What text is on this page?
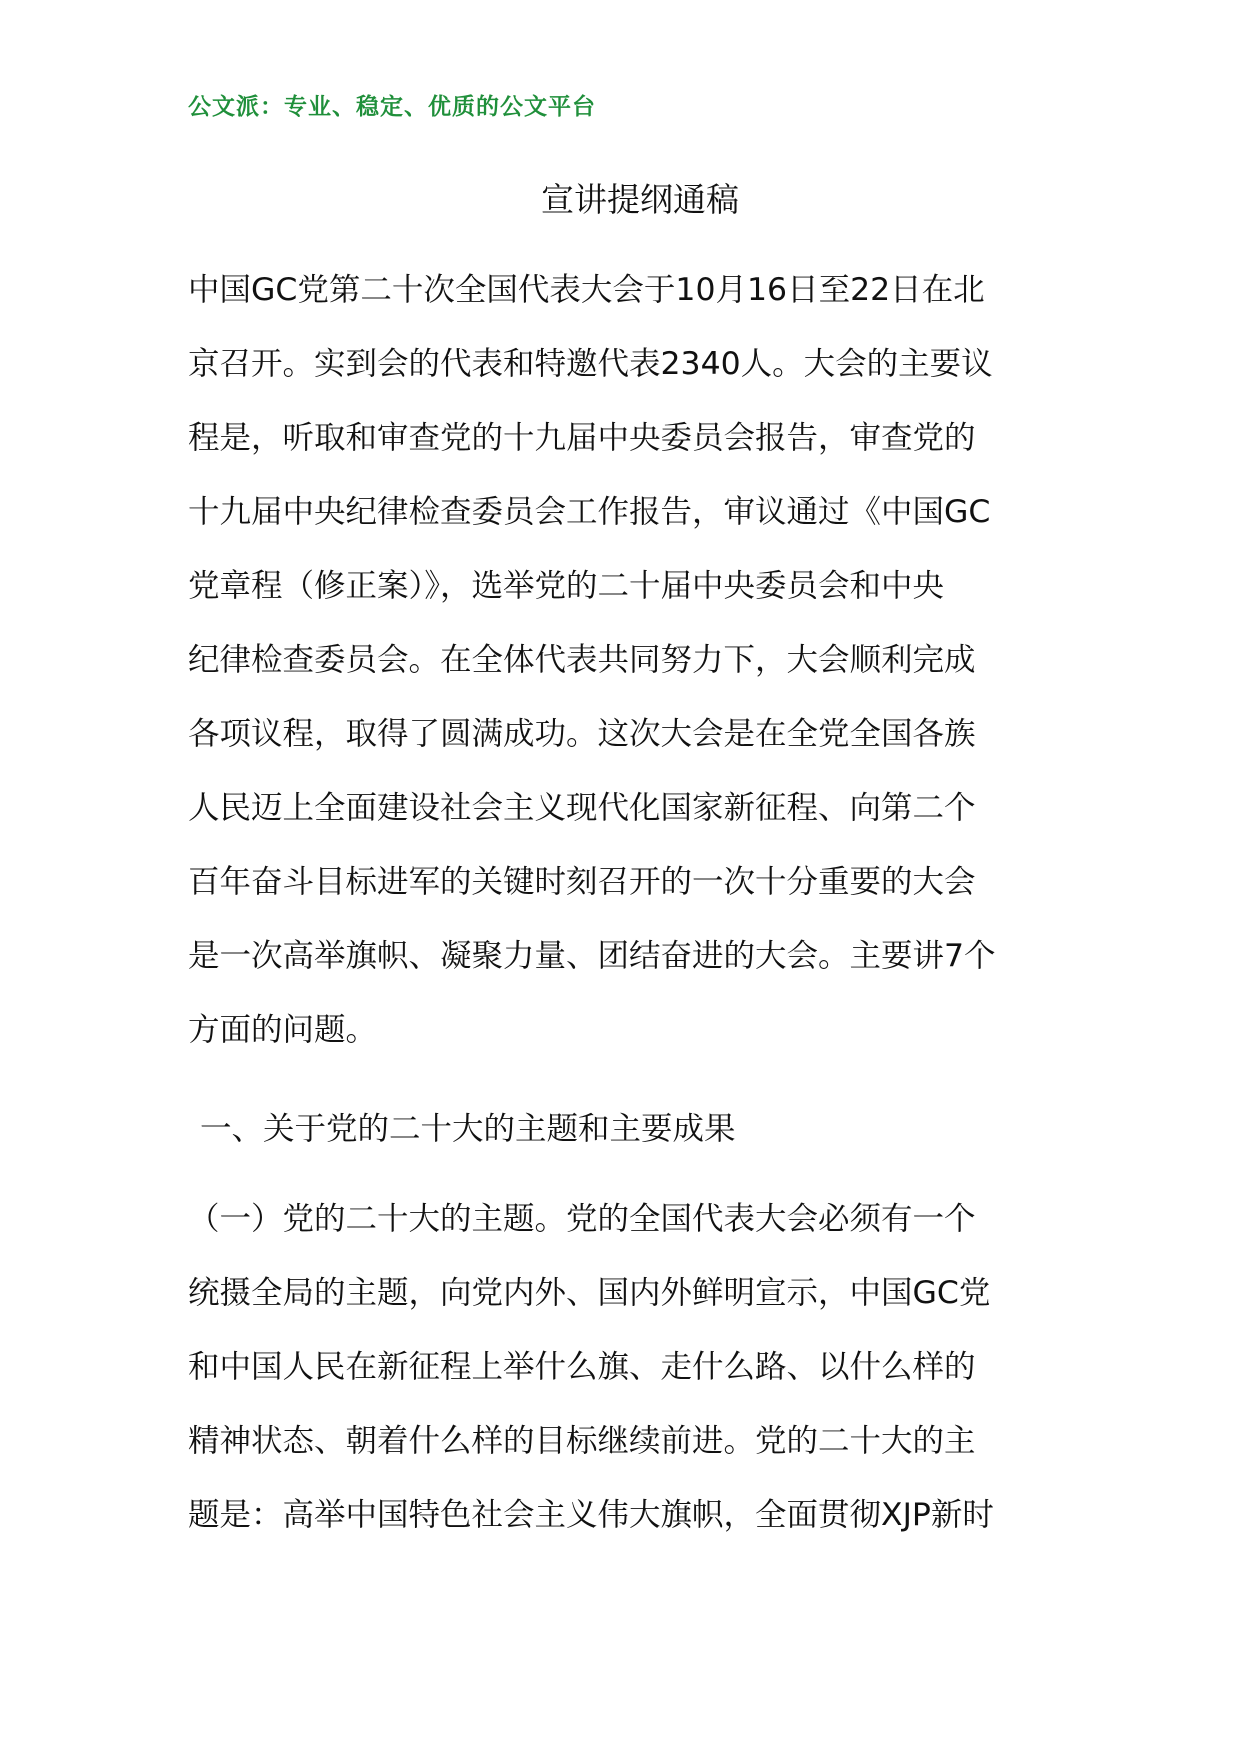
公文派：专业、稳定、优质的公文平台
宣讲提纲通稿
中国GC党第二十次全国代表大会于10月16日至22日在北
京召开。实到会的代表和特邀代表2340人。大会的主要议
程是，听取和审查党的十九届中央委员会报告，审查党的
十九届中央纪律检查委员会工作报告，审议通过《中国GC
党章程（修正案）》，选举党的二十届中央委员会和中央
纪律检查委员会。在全体代表共同努力下，大会顺利完成
各项议程，取得了圆满成功。这次大会是在全党全国各族
人民迈上全面建设社会主义现代化国家新征程、向第二个
百年奋斗目标进军的关键时刻召开的一次十分重要的大会
是一次高举旗帜、凝聚力量、团结奋进的大会。主要讲7个
方面的问题。
一、关于党的二十大的主题和主要成果
（一）党的二十大的主题。党的全国代表大会必须有一个
统摄全局的主题，向党内外、国内外鲜明宣示，中国GC党
和中国人民在新征程上举什么旗、走什么路、以什么样的
精神状态、朝着什么样的目标继续前进。党的二十大的主
题是：高举中国特色社会主义伟大旗帜，全面贯彻XJP新时
